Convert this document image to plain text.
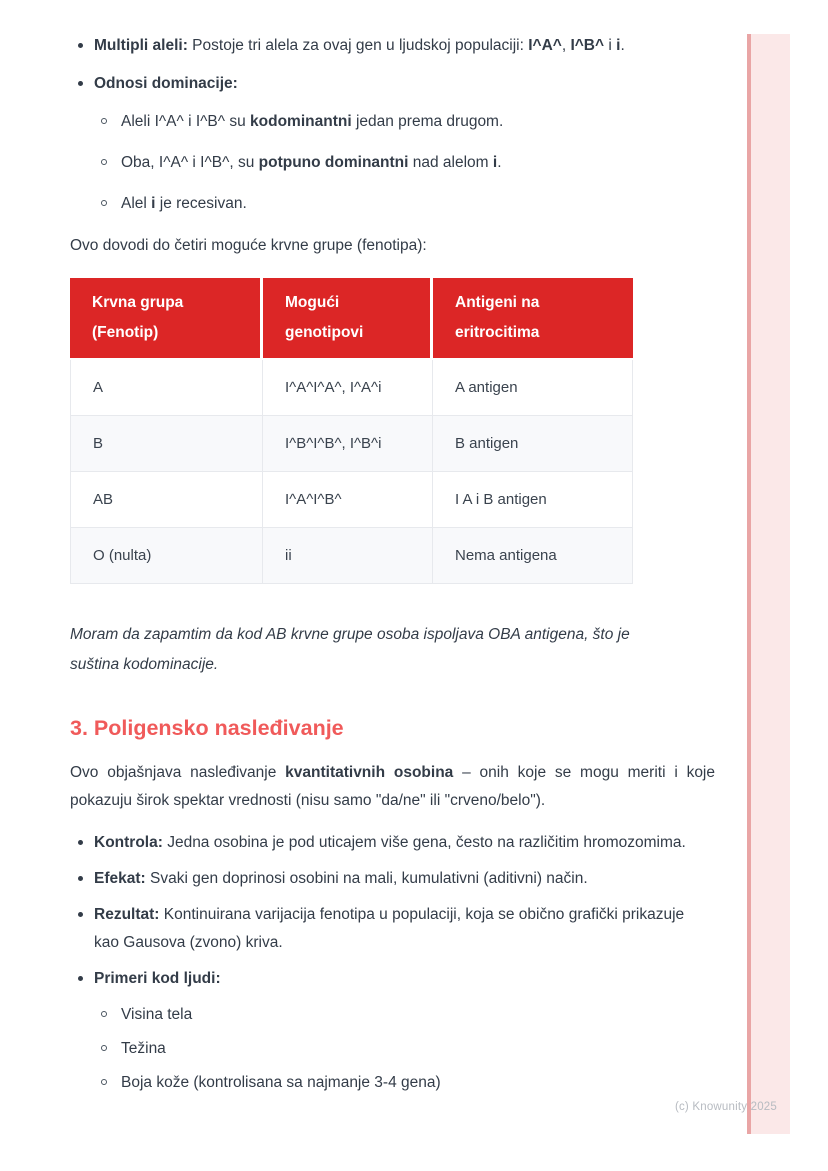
Multipli aleli: Postoje tri alela za ovaj gen u ljudskoj populaciji: I^A^, I^B^ i i.
Odnosi dominacije:
Aleli I^A^ i I^B^ su kodominantni jedan prema drugom.
Oba, I^A^ i I^B^, su potpuno dominantni nad alelom i.
Alel i je recesivan.

Ovo dovodi do četiri moguće krvne grupe (fenotipa):

Krvna grupa (Fenotip)	Mogući genotipovi	Antigeni na eritrocitima
A	I^A^I^A^, I^A^i	A antigen
B	I^B^I^B^, I^B^i	B antigen
AB	I^A^I^B^	I A i B antigen
O (nulta)	ii	Nema antigena

Moram da zapamtim da kod AB krvne grupe osoba ispoljava OBA antigena, što je suština kodominacije.

3. Poligensko nasleđivanje

Ovo objašnjava nasleđivanje kvantitativnih osobina – onih koje se mogu meriti i koje pokazuju širok spektar vrednosti (nisu samo "da/ne" ili "crveno/belo").

Kontrola: Jedna osobina je pod uticajem više gena, često na različitim hromozomima.
Efekat: Svaki gen doprinosi osobini na mali, kumulativni (aditivni) način.
Rezultat: Kontinuirana varijacija fenotipa u populaciji, koja se obično grafički prikazuje kao Gausova (zvono) kriva.
Primeri kod ljudi:
Visina tela
Težina
Boja kože (kontrolisana sa najmanje 3-4 gena)
(c) Knowunity 2025
